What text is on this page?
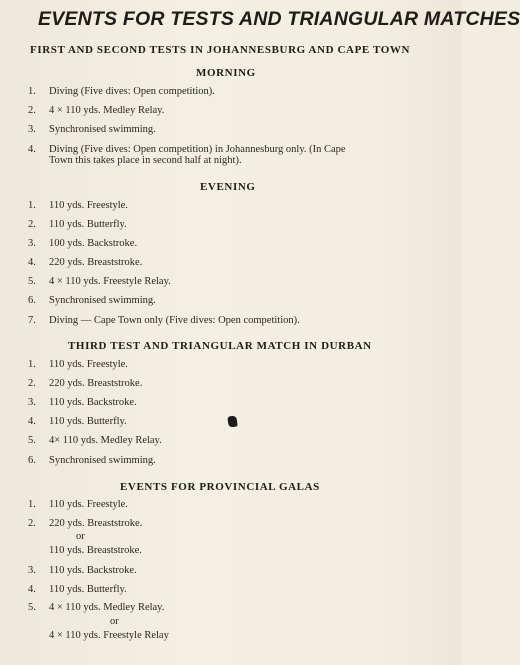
EVENTS FOR TESTS AND TRIANGULAR MATCHES
FIRST AND SECOND TESTS IN JOHANNESBURG AND CAPE TOWN
MORNING
1.	Diving (Five dives: Open competition).
2.	4 × 110 yds. Medley Relay.
3.	Synchronised swimming.
4.	Diving (Five dives: Open competition) in Johannesburg only. (In Cape
Town this takes place in second half at night).
EVENING
1.	110 yds. Freestyle.
2.	110 yds. Butterfly.
3.	100 yds. Backstroke.
4.	220 yds. Breaststroke.
5.	4 × 110 yds. Freestyle Relay.
6.	Synchronised swimming.
7.	Diving — Cape Town only (Five dives: Open competition).
THIRD TEST AND TRIANGULAR MATCH IN DURBAN
1.	110 yds. Freestyle.
2.	220 yds. Breaststroke.
3.	110 yds. Backstroke.
4.	110 yds. Butterfly.
5.	4× 110 yds. Medley Relay.
6.	Synchronised swimming.
EVENTS FOR PROVINCIAL GALAS
1.	110 yds. Freestyle.
2.	220 yds. Breaststroke.
or
110 yds. Breaststroke.
3.	110 yds. Backstroke.
4.	110 yds. Butterfly.
5.	4 × 110 yds. Medley Relay.
or
4 × 110 yds. Freestyle Relay
